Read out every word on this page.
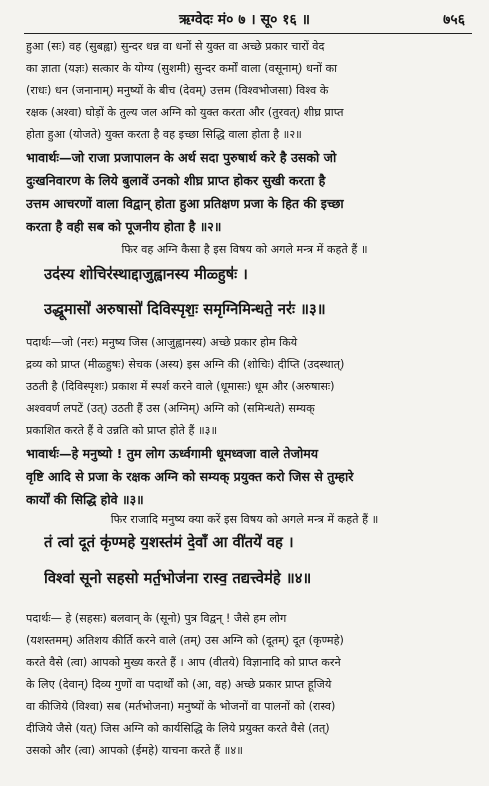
ऋग्वेदः मं० ७ । सू० १६ ॥	७५६
हुआ (सः) वह (सुबह्वा) सुन्दर धन्न वा धनों से युक्त वा अच्छे प्रकार चारों वेद
का ज्ञाता (यज्ञः) सत्कार के योग्य (सुशमी) सुन्दर कर्मों वाला (वसूनाम्) धनों का
(राधः) धन (जनानाम्) मनुष्यों के बीच (देवम्) उत्तम (विश्वभोजसा) विश्व के
रक्षक (अश्वा) घोड़ों के तुल्य जल अग्नि को युक्त करता और (तुरवत्) शीघ्र प्राप्त
होता हुआ (योजते) युक्त करता है वह इच्छा सिद्धि वाला होता है ॥२॥
भावार्थः—जो राजा प्रजापालन के अर्थ सदा पुरुषार्थ करे है उसको जो
दुःखनिवारण के लिये बुलावें उनको शीघ्र प्राप्त होकर सुखी करता है
उत्तम आचरणों वाला विद्वान् होता हुआ प्रतिक्षण प्रजा के हित की इच्छा
करता है वही सब को पूजनीय होता है ॥२॥
फिर वह अग्नि कैसा है इस विषय को अगले मन्त्र में कहते हैं ॥
उद॑स्य शोचिर॑स्थाद्दाजुह्वानस्य मीळ्हुषः॑ ।
उद्धूमासो॑ अरुषासो॑ दिविस्पृशः॒ समृग्निमिन्धते॒ नरः॑ ॥३॥
पदार्थः—जो (नरः) मनुष्य जिस (आजुह्वानस्य) अच्छे प्रकार होम किये
द्रव्य को प्राप्त (मीळ्हुषः) सेचक (अस्य) इस अग्नि की (शोचिः) दीप्ति (उदस्थात्)
उठती है (दिविस्पृशः) प्रकाश में स्पर्श करने वाले (धूमासः) धूम और (अरुषासः)
अश्ववर्ण लपटें (उत्) उठती हैं उस (अग्निम्) अग्नि को (समिन्धते) सम्यक्
प्रकाशित करते हैं वे उन्नति को प्राप्त होते हैं ॥३॥
भावार्थः—हे मनुष्यो ! तुम लोग ऊर्ध्वगामी धूमध्वजा वाले तेजोमय
वृष्टि आदि से प्रजा के रक्षक अग्नि को सम्यक् प्रयुक्त करो जिस से तुम्हारे
कार्यों की सिद्धि होवे ॥३॥
फिर राजादि मनुष्य क्या करें इस विषय को अगले मन्त्र में कहते हैं ॥
तं त्वा॑ दूतं कृ॑ण्महे य॒शस्त॑मं दे॒वाँ आ वी॑तये॑ वह ।
विश्वा॑ सूनो सहसो मर्त॒भोज॑ना रास्व॒ तद्यत्त्वेम॑हे ॥४॥
पदार्थः— हे (सहसः) बलवान् के (सूनो) पुत्र विद्वन् ! जैसे हम लोग
(यशस्तमम्) अतिशय कीर्ति करने वाले (तम्) उस अग्नि को (दूतम्) दूत (कृण्महे)
करते वैसे (त्वा) आपको मुख्य करते हैं । आप (वीतये) विज्ञानादि को प्राप्त करने
के लिए (देवान्) दिव्य गुणों वा पदार्थों को (आ, वह) अच्छे प्रकार प्राप्त हूजिये
वा कीजिये (विश्वा) सब (मर्तभोजना) मनुष्यों के भोजनों वा पालनों को (रास्व)
दीजिये जैसे (यत्) जिस अग्नि को कार्यसिद्धि के लिये प्रयुक्त करते वैसे (तत्)
उसको और (त्वा) आपको (ईमहे) याचना करते हैं ॥४॥
